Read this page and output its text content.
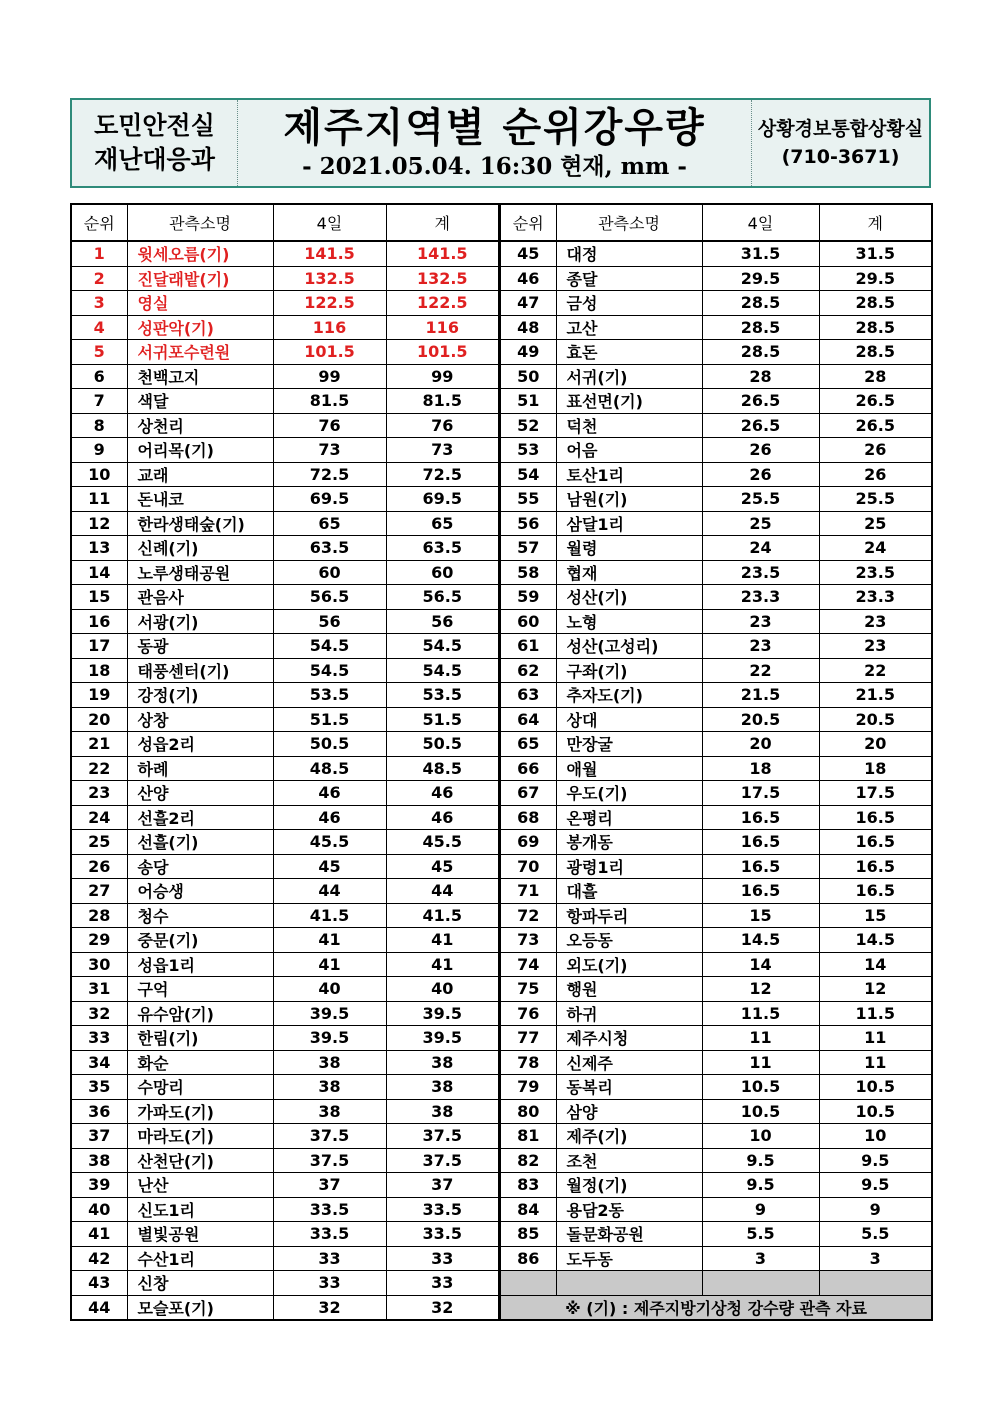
도민안전실
재난대응과
제주지역별 순위강우량
- 2021.05.04. 16:30 현재, mm -
상황경보통합상황실
(710-3671)
순위	관측소명	4일	계
1	윗세오름(기)	141.5	141.5
2	진달래밭(기)	132.5	132.5
3	영실	122.5	122.5
4	성판악(기)	116	116
5	서귀포수련원	101.5	101.5
6	천백고지	99	99
7	색달	81.5	81.5
8	상천리	76	76
9	어리목(기)	73	73
10	교래	72.5	72.5
11	돈내코	69.5	69.5
12	한라생태숲(기)	65	65
13	신례(기)	63.5	63.5
14	노루생태공원	60	60
15	관음사	56.5	56.5
16	서광(기)	56	56
17	동광	54.5	54.5
18	태풍센터(기)	54.5	54.5
19	강정(기)	53.5	53.5
20	상창	51.5	51.5
21	성읍2리	50.5	50.5
22	하례	48.5	48.5
23	산양	46	46
24	선흘2리	46	46
25	선흘(기)	45.5	45.5
26	송당	45	45
27	어승생	44	44
28	청수	41.5	41.5
29	중문(기)	41	41
30	성읍1리	41	41
31	구억	40	40
32	유수암(기)	39.5	39.5
33	한림(기)	39.5	39.5
34	화순	38	38
35	수망리	38	38
36	가파도(기)	38	38
37	마라도(기)	37.5	37.5
38	산천단(기)	37.5	37.5
39	난산	37	37
40	신도1리	33.5	33.5
41	별빛공원	33.5	33.5
42	수산1리	33	33
43	신창	33	33
44	모슬포(기)	32	32
순위	관측소명	4일	계
45	대정	31.5	31.5
46	종달	29.5	29.5
47	금성	28.5	28.5
48	고산	28.5	28.5
49	효돈	28.5	28.5
50	서귀(기)	28	28
51	표선면(기)	26.5	26.5
52	덕천	26.5	26.5
53	어음	26	26
54	토산1리	26	26
55	남원(기)	25.5	25.5
56	삼달1리	25	25
57	월령	24	24
58	협재	23.5	23.5
59	성산(기)	23.3	23.3
60	노형	23	23
61	성산(고성리)	23	23
62	구좌(기)	22	22
63	추자도(기)	21.5	21.5
64	상대	20.5	20.5
65	만장굴	20	20
66	애월	18	18
67	우도(기)	17.5	17.5
68	온평리	16.5	16.5
69	봉개동	16.5	16.5
70	광령1리	16.5	16.5
71	대흘	16.5	16.5
72	항파두리	15	15
73	오등동	14.5	14.5
74	외도(기)	14	14
75	행원	12	12
76	하귀	11.5	11.5
77	제주시청	11	11
78	신제주	11	11
79	동복리	10.5	10.5
80	삼양	10.5	10.5
81	제주(기)	10	10
82	조천	9.5	9.5
83	월정(기)	9.5	9.5
84	용담2동	9	9
85	돌문화공원	5.5	5.5
86	도두동	3	3

※ (기) : 제주지방기상청 강수량 관측 자료			
